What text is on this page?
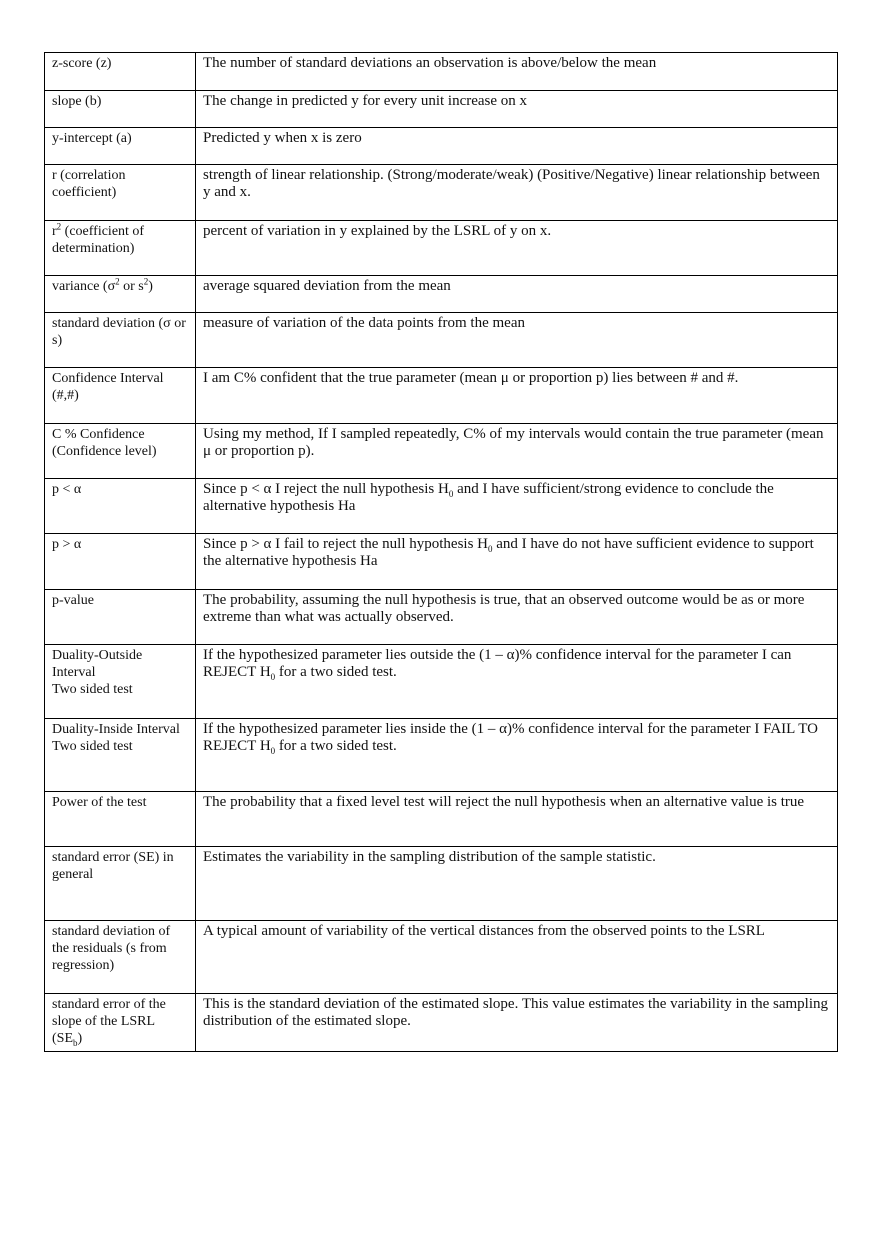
z-score (z)	The number of standard deviations an observation is above/below the mean
slope (b)	The change in predicted y for every unit increase on x
y-intercept (a)	Predicted y when x is zero
r (correlation coefficient)	strength of linear relationship. (Strong/moderate/weak) (Positive/Negative) linear relationship between y and x.
$r^2$ (coefficient of determination)	percent of variation in y explained by the LSRL of y on x.
variance ($\sigma^2$ or $s^2$)	average squared deviation from the mean
standard deviation (σ or s)	measure of variation of the data points from the mean
Confidence Interval (#,#)	I am C% confident that the true parameter (mean μ or proportion p) lies between # and #.
C % Confidence (Confidence level)	Using my method, If I sampled repeatedly, C% of my intervals would contain the true parameter (mean μ or proportion p).
p < α	Since p < α I reject the null hypothesis $H_0$ and I have sufficient/strong evidence to conclude the alternative hypothesis Ha
p > α	Since p > α I fail to reject the null hypothesis $H_0$ and I have do not have sufficient evidence to support the alternative hypothesis Ha
p-value	The probability, assuming the null hypothesis is true, that an observed outcome would be as or more extreme than what was actually observed.

Duality-Outside Interval
Two sided test	If the hypothesized parameter lies outside the (1 – α)% confidence interval for the parameter I can REJECT $H_0$ for a two sided test.

Duality-Inside Interval
Two sided test	If the hypothesized parameter lies inside the (1 – α)% confidence interval for the parameter I FAIL TO REJECT $H_0$ for a two sided test.
Power of the test	The probability that a fixed level test will reject the null hypothesis when an alternative value is true
standard error (SE) in general	Estimates the variability in the sampling distribution of the sample statistic.
standard deviation of the residuals (s from regression)	A typical amount of variability of the vertical distances from the observed points to the LSRL
standard error of the slope of the LSRL $(SE_b)$	This is the standard deviation of the estimated slope. This value estimates the variability in the sampling distribution of the estimated slope.
